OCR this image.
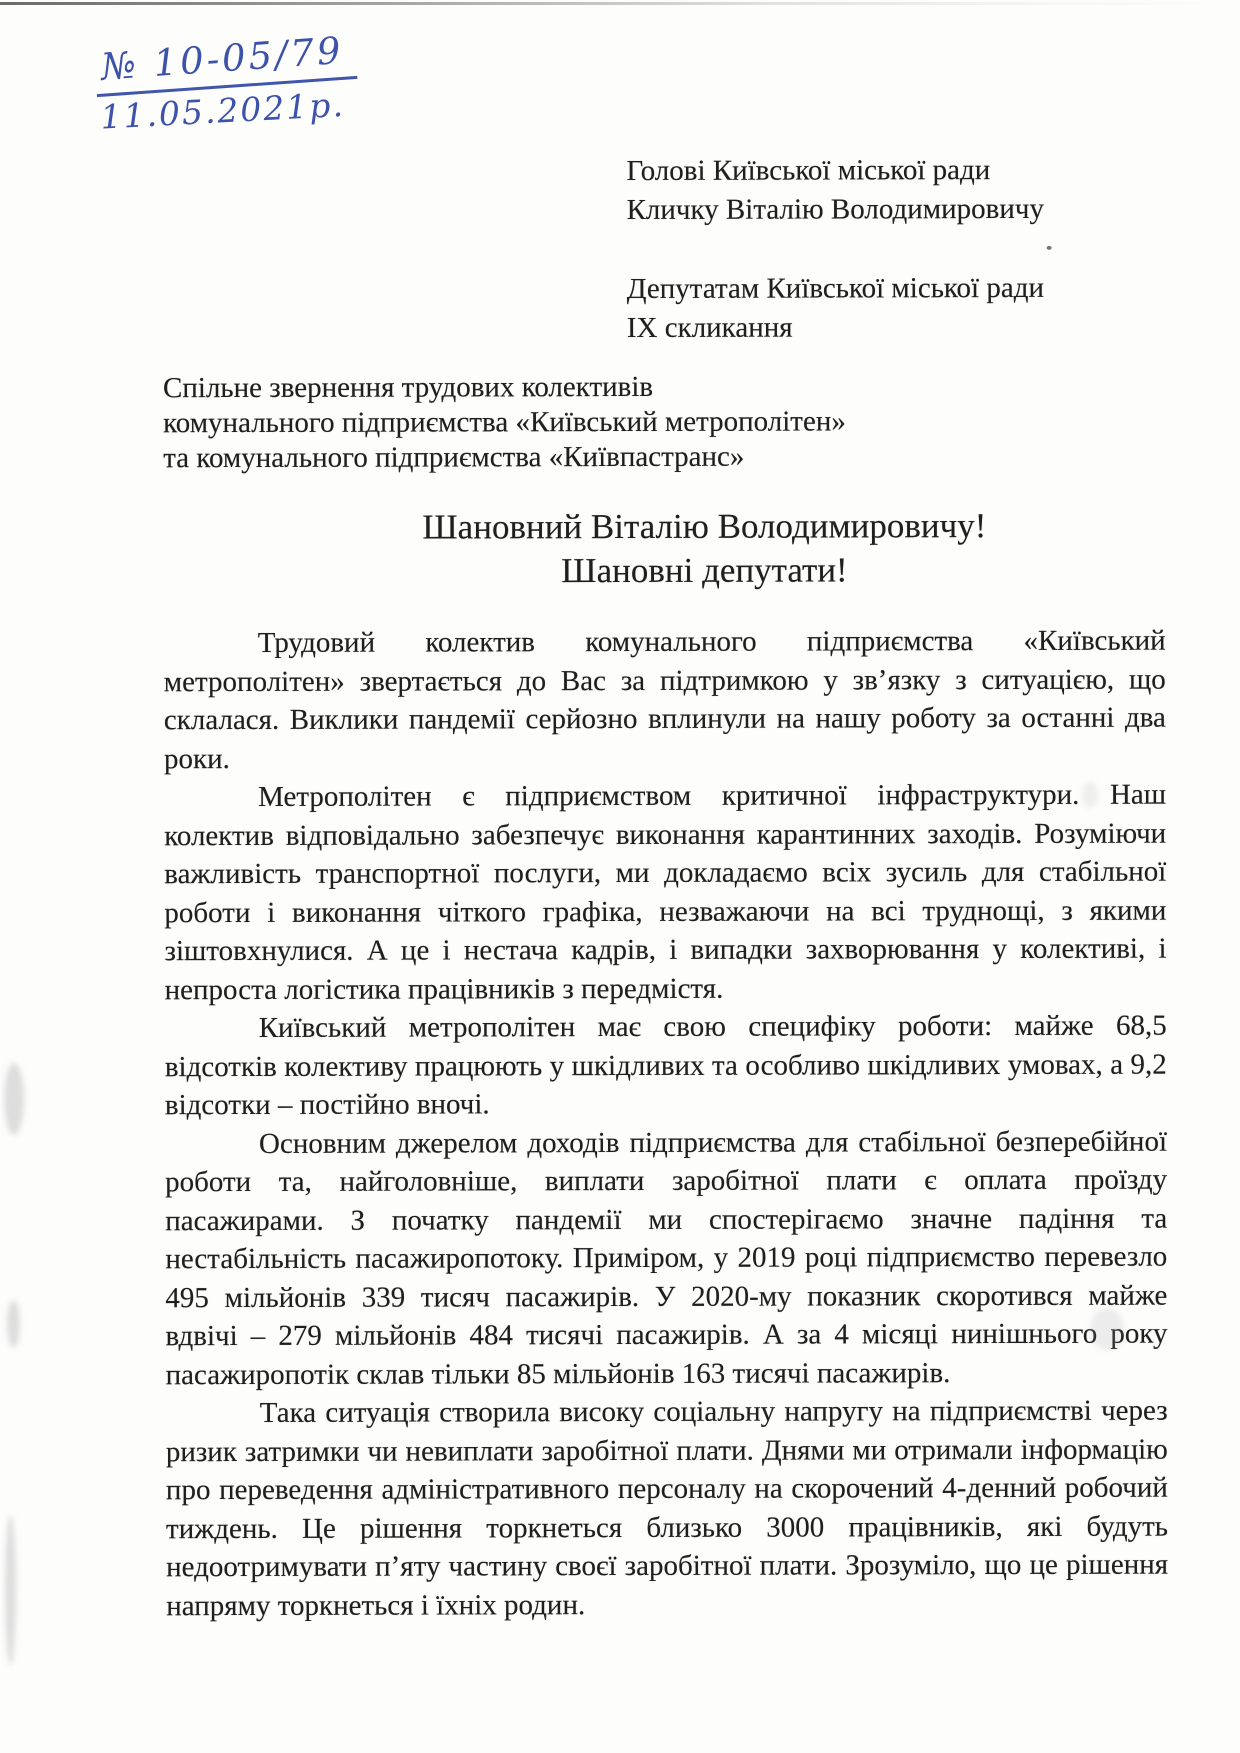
№ 10-05/79
11.05.2021р.
Голові Київської міської ради
Кличку Віталію Володимировичу
Депутатам Київської міської ради
IX скликання
Спільне звернення трудових колективів
комунального підприємства «Київський метрополітен»
та комунального підприємства «Київпастранс»
Шановний Віталію Володимировичу!
Шановні депутати!

Трудовий колектив комунального підприємства «Київський метрополітен» звертається до Вас за підтримкою у зв’язку з ситуацією, що склалася. Виклики пандемії серйозно вплинули на нашу роботу за останні два роки.

Метрополітен є підприємством критичної інфраструктури. Наш колектив відповідально забезпечує виконання карантинних заходів. Розуміючи важливість транспортної послуги, ми докладаємо всіх зусиль для стабільної роботи і виконання чіткого графіка, незважаючи на всі труднощі, з якими зіштовхнулися. А це і нестача кадрів, і випадки захворювання у колективі, і непроста логістика працівників з передмістя.

Київський метрополітен має свою специфіку роботи: майже 68,5 відсотків колективу працюють у шкідливих та особливо шкідливих умовах, а 9,2 відсотки – постійно вночі.

Основним джерелом доходів підприємства для стабільної безперебійної роботи та, найголовніше, виплати заробітної плати є оплата проїзду пасажирами. З початку пандемії ми спостерігаємо значне падіння та нестабільність пасажиропотоку. Приміром, у 2019 році підприємство перевезло 495 мільйонів 339 тисяч пасажирів. У 2020-му показник скоротився майже вдвічі – 279 мільйонів 484 тисячі пасажирів. А за 4 місяці нинішнього року пасажиропотік склав тільки 85 мільйонів 163 тисячі пасажирів.

Така ситуація створила високу соціальну напругу на підприємстві через ризик затримки чи невиплати заробітної плати. Днями ми отримали інформацію про переведення адміністративного персоналу на скорочений 4-денний робочий тиждень. Це рішення торкнеться близько 3000 працівників, які будуть недоотримувати п’яту частину своєї заробітної плати. Зрозуміло, що це рішення напряму торкнеться і їхніх родин.
